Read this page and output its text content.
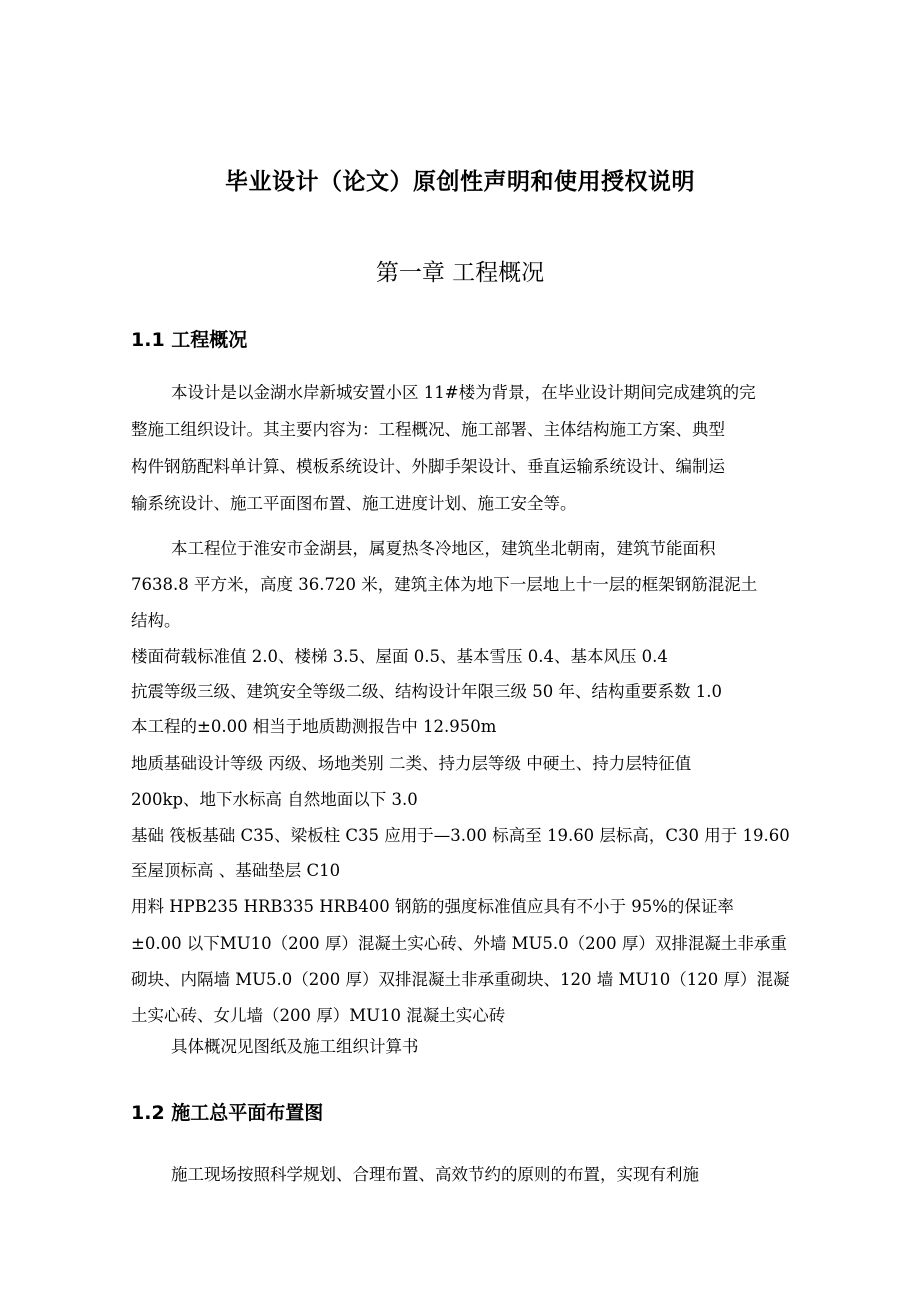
毕业设计（论文）原创性声明和使用授权说明
第一章 工程概况
1.1 工程概况
本设计是以金湖水岸新城安置小区 11#楼为背景，在毕业设计期间完成建筑的完
整施工组织设计。其主要内容为：工程概况、施工部署、主体结构施工方案、典型
构件钢筋配料单计算、模板系统设计、外脚手架设计、垂直运输系统设计、编制运
输系统设计、施工平面图布置、施工进度计划、施工安全等。
本工程位于淮安市金湖县，属夏热冬冷地区，建筑坐北朝南，建筑节能面积
7638.8 平方米，高度 36.720 米，建筑主体为地下一层地上十一层的框架钢筋混泥土
结构。
楼面荷载标准值 2.0、楼梯 3.5、屋面 0.5、基本雪压 0.4、基本风压 0.4
抗震等级三级、建筑安全等级二级、结构设计年限三级 50 年、结构重要系数 1.0
本工程的±0.00 相当于地质勘测报告中 12.950m
地质基础设计等级 丙级、场地类别 二类、持力层等级 中硬土、持力层特征值
200kp、地下水标高 自然地面以下 3.0
基础 筏板基础 C35、梁板柱 C35 应用于—3.00 标高至 19.60 层标高，C30 用于 19.60
至屋顶标高 、基础垫层 C10
用料 HPB235 HRB335 HRB400 钢筋的强度标准值应具有不小于 95%的保证率
±0.00 以下MU10（200 厚）混凝土实心砖、外墙 MU5.0（200 厚）双排混凝土非承重
砌块、内隔墙 MU5.0（200 厚）双排混凝土非承重砌块、120 墙 MU10（120 厚）混凝
土实心砖、女儿墙（200 厚）MU10 混凝土实心砖
具体概况见图纸及施工组织计算书
1.2 施工总平面布置图
施工现场按照科学规划、合理布置、高效节约的原则的布置，实现有利施
